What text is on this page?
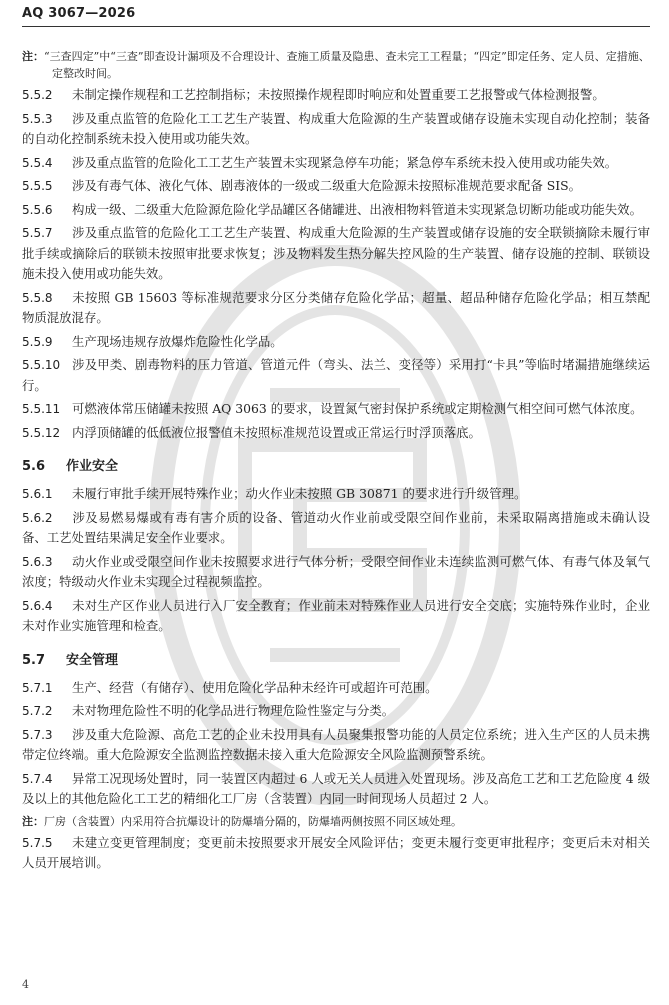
AQ 3067—2026
注：“三查四定”中“三查”即查设计漏项及不合理设计、查施工质量及隐患、查未完工工程量；“四定”即定任务、定人员、定措施、定整改时间。

5.5.2 未制定操作规程和工艺控制指标；未按照操作规程即时响应和处置重要工艺报警或气体检测报警。

5.5.3 涉及重点监管的危险化工工艺生产装置、构成重大危险源的生产装置或储存设施未实现自动化控制；装备的自动化控制系统未投入使用或功能失效。

5.5.4 涉及重点监管的危险化工工艺生产装置未实现紧急停车功能；紧急停车系统未投入使用或功能失效。

5.5.5 涉及有毒气体、液化气体、剧毒液体的一级或二级重大危险源未按照标准规范要求配备 SIS。

5.5.6 构成一级、二级重大危险源危险化学品罐区各储罐进、出液相物料管道未实现紧急切断功能或功能失效。

5.5.7 涉及重点监管的危险化工工艺生产装置、构成重大危险源的生产装置或储存设施的安全联锁摘除未履行审批手续或摘除后的联锁未按照审批要求恢复；涉及物料发生热分解失控风险的生产装置、储存设施的控制、联锁设施未投入使用或功能失效。

5.5.8 未按照 GB 15603 等标准规范要求分区分类储存危险化学品；超量、超品种储存危险化学品；相互禁配物质混放混存。

5.5.9 生产现场违规存放爆炸危险性化学品。

5.5.10 涉及甲类、剧毒物料的压力管道、管道元件（弯头、法兰、变径等）采用打“卡具”等临时堵漏措施继续运行。

5.5.11 可燃液体常压储罐未按照 AQ 3063 的要求，设置氮气密封保护系统或定期检测气相空间可燃气体浓度。

5.5.12 内浮顶储罐的低低液位报警值未按照标准规范设置或正常运行时浮顶落底。

5.6 作业安全

5.6.1 未履行审批手续开展特殊作业；动火作业未按照 GB 30871 的要求进行升级管理。

5.6.2 涉及易燃易爆或有毒有害介质的设备、管道动火作业前或受限空间作业前，未采取隔离措施或未确认设备、工艺处置结果满足安全作业要求。

5.6.3 动火作业或受限空间作业未按照要求进行气体分析；受限空间作业未连续监测可燃气体、有毒气体及氧气浓度；特级动火作业未实现全过程视频监控。

5.6.4 未对生产区作业人员进行入厂安全教育；作业前未对特殊作业人员进行安全交底；实施特殊作业时，企业未对作业实施管理和检查。

5.7 安全管理

5.7.1 生产、经营（有储存）、使用危险化学品种未经许可或超许可范围。

5.7.2 未对物理危险性不明的化学品进行物理危险性鉴定与分类。

5.7.3 涉及重大危险源、高危工艺的企业未投用具有人员聚集报警功能的人员定位系统；进入生产区的人员未携带定位终端。重大危险源安全监测监控数据未接入重大危险源安全风险监测预警系统。

5.7.4 异常工况现场处置时，同一装置区内超过 6 人或无关人员进入处置现场。涉及高危工艺和工艺危险度 4 级及以上的其他危险化工工艺的精细化工厂房（含装置）内同一时间现场人员超过 2 人。

注：厂房（含装置）内采用符合抗爆设计的防爆墙分隔的，防爆墙两侧按照不同区域处理。

5.7.5 未建立变更管理制度；变更前未按照要求开展安全风险评估；变更未履行变更审批程序；变更后未对相关人员开展培训。

4
